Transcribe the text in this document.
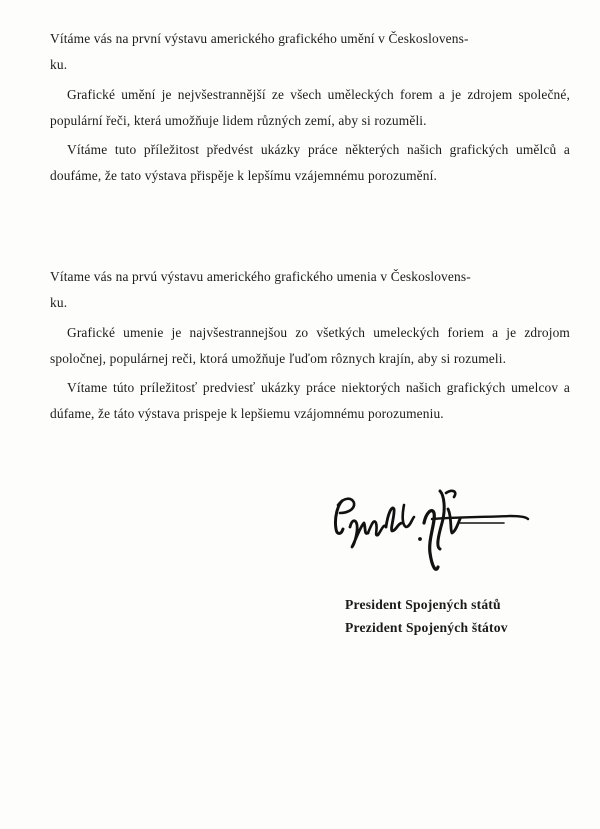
Vítáme vás na první výstavu amerického grafického umění v Českoslovens-
ku.

Grafické umění je nejvšestrannější ze všech uměleckých forem a je zdrojem společné, populární řeči, která umožňuje lidem různých zemí, aby si rozuměli.

Vítáme tuto příležitost předvést ukázky práce některých našich grafických umělců a doufáme, že tato výstava přispěje k lepšímu vzájemnému porozumění.

Vítame vás na prvú výstavu amerického grafického umenia v Českoslovens-
ku.

Grafické umenie je najvšestrannejšou zo všetkých umeleckých foriem a je zdrojom spoločnej, populárnej reči, ktorá umožňuje ľuďom rôznych krajín, aby si rozumeli.

Vítame túto príležitosť predviesť ukázky práce niektorých našich grafických umelcov a dúfame, že táto výstava prispeje k lepšiemu vzájomnému porozumeniu.

President Spojených států
Prezident Spojených štátov
